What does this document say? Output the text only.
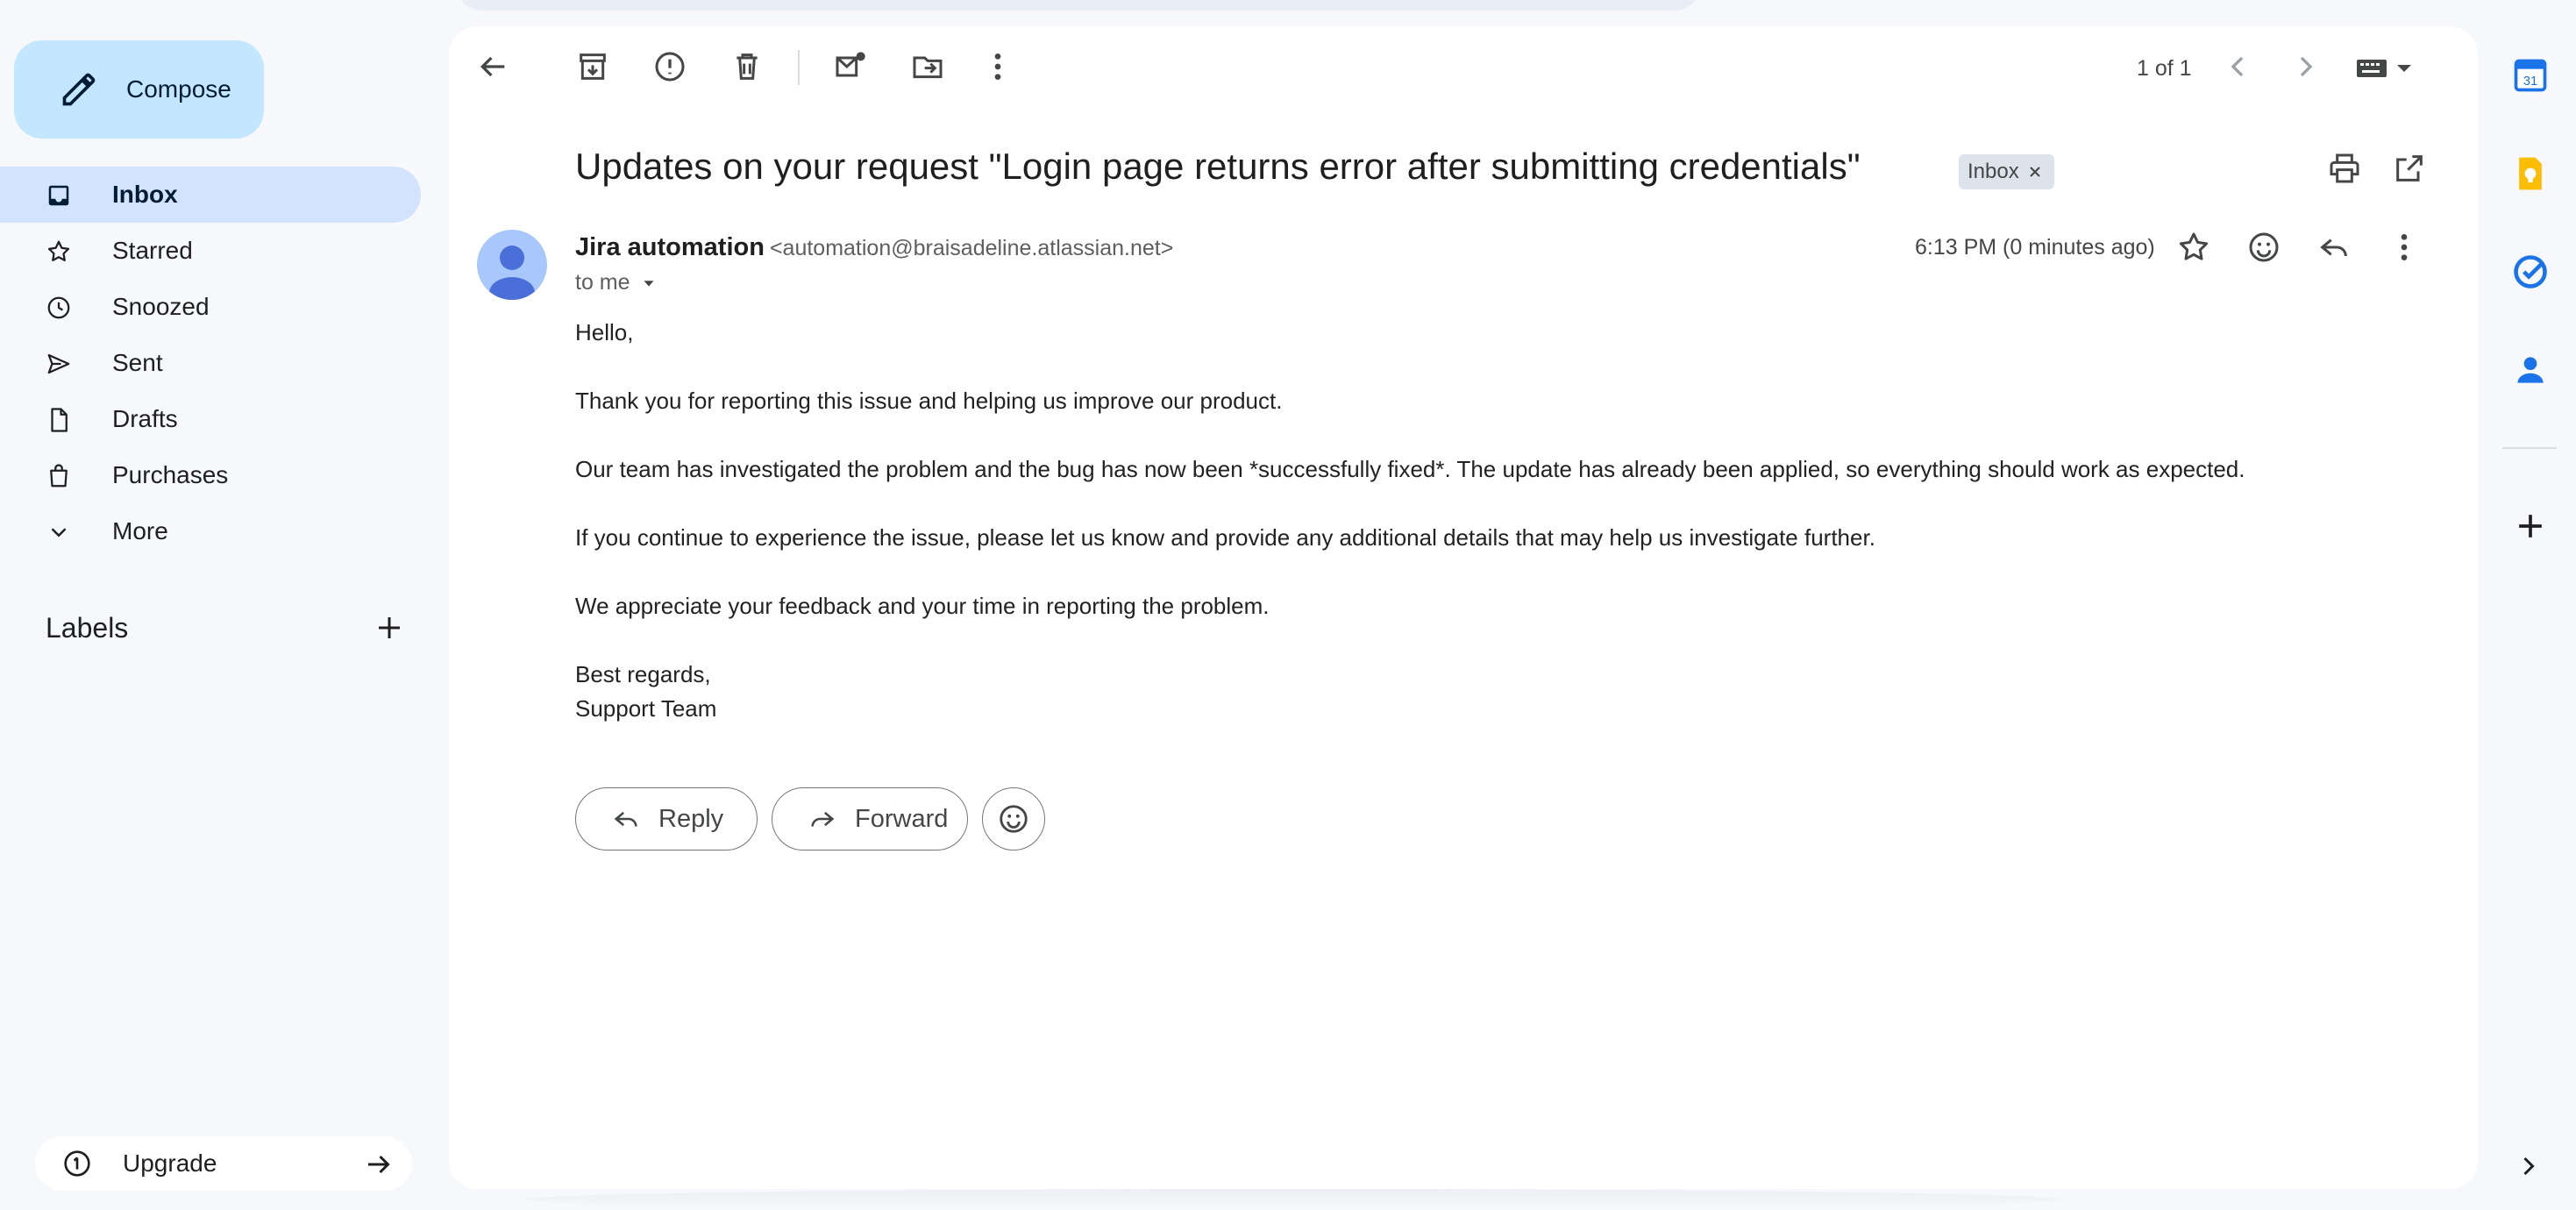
Compose
Inbox
Starred
Snoozed
Sent
Drafts
Purchases
More
Labels
Upgrade
1 of 1
Updates on your request "Login page returns error after submitting credentials"	Inbox
Jira automation <automation@braisadeline.atlassian.net>
to me
6:13 PM (0 minutes ago)

Hello,

Thank you for reporting this issue and helping us improve our product.

Our team has investigated the problem and the bug has now been *successfully fixed*. The update has already been applied, so everything should work as expected.

If you continue to experience the issue, please let us know and provide any additional details that may help us investigate further.

We appreciate your feedback and your time in reporting the problem.

Best regards,

Support Team

Reply	Forward
31
